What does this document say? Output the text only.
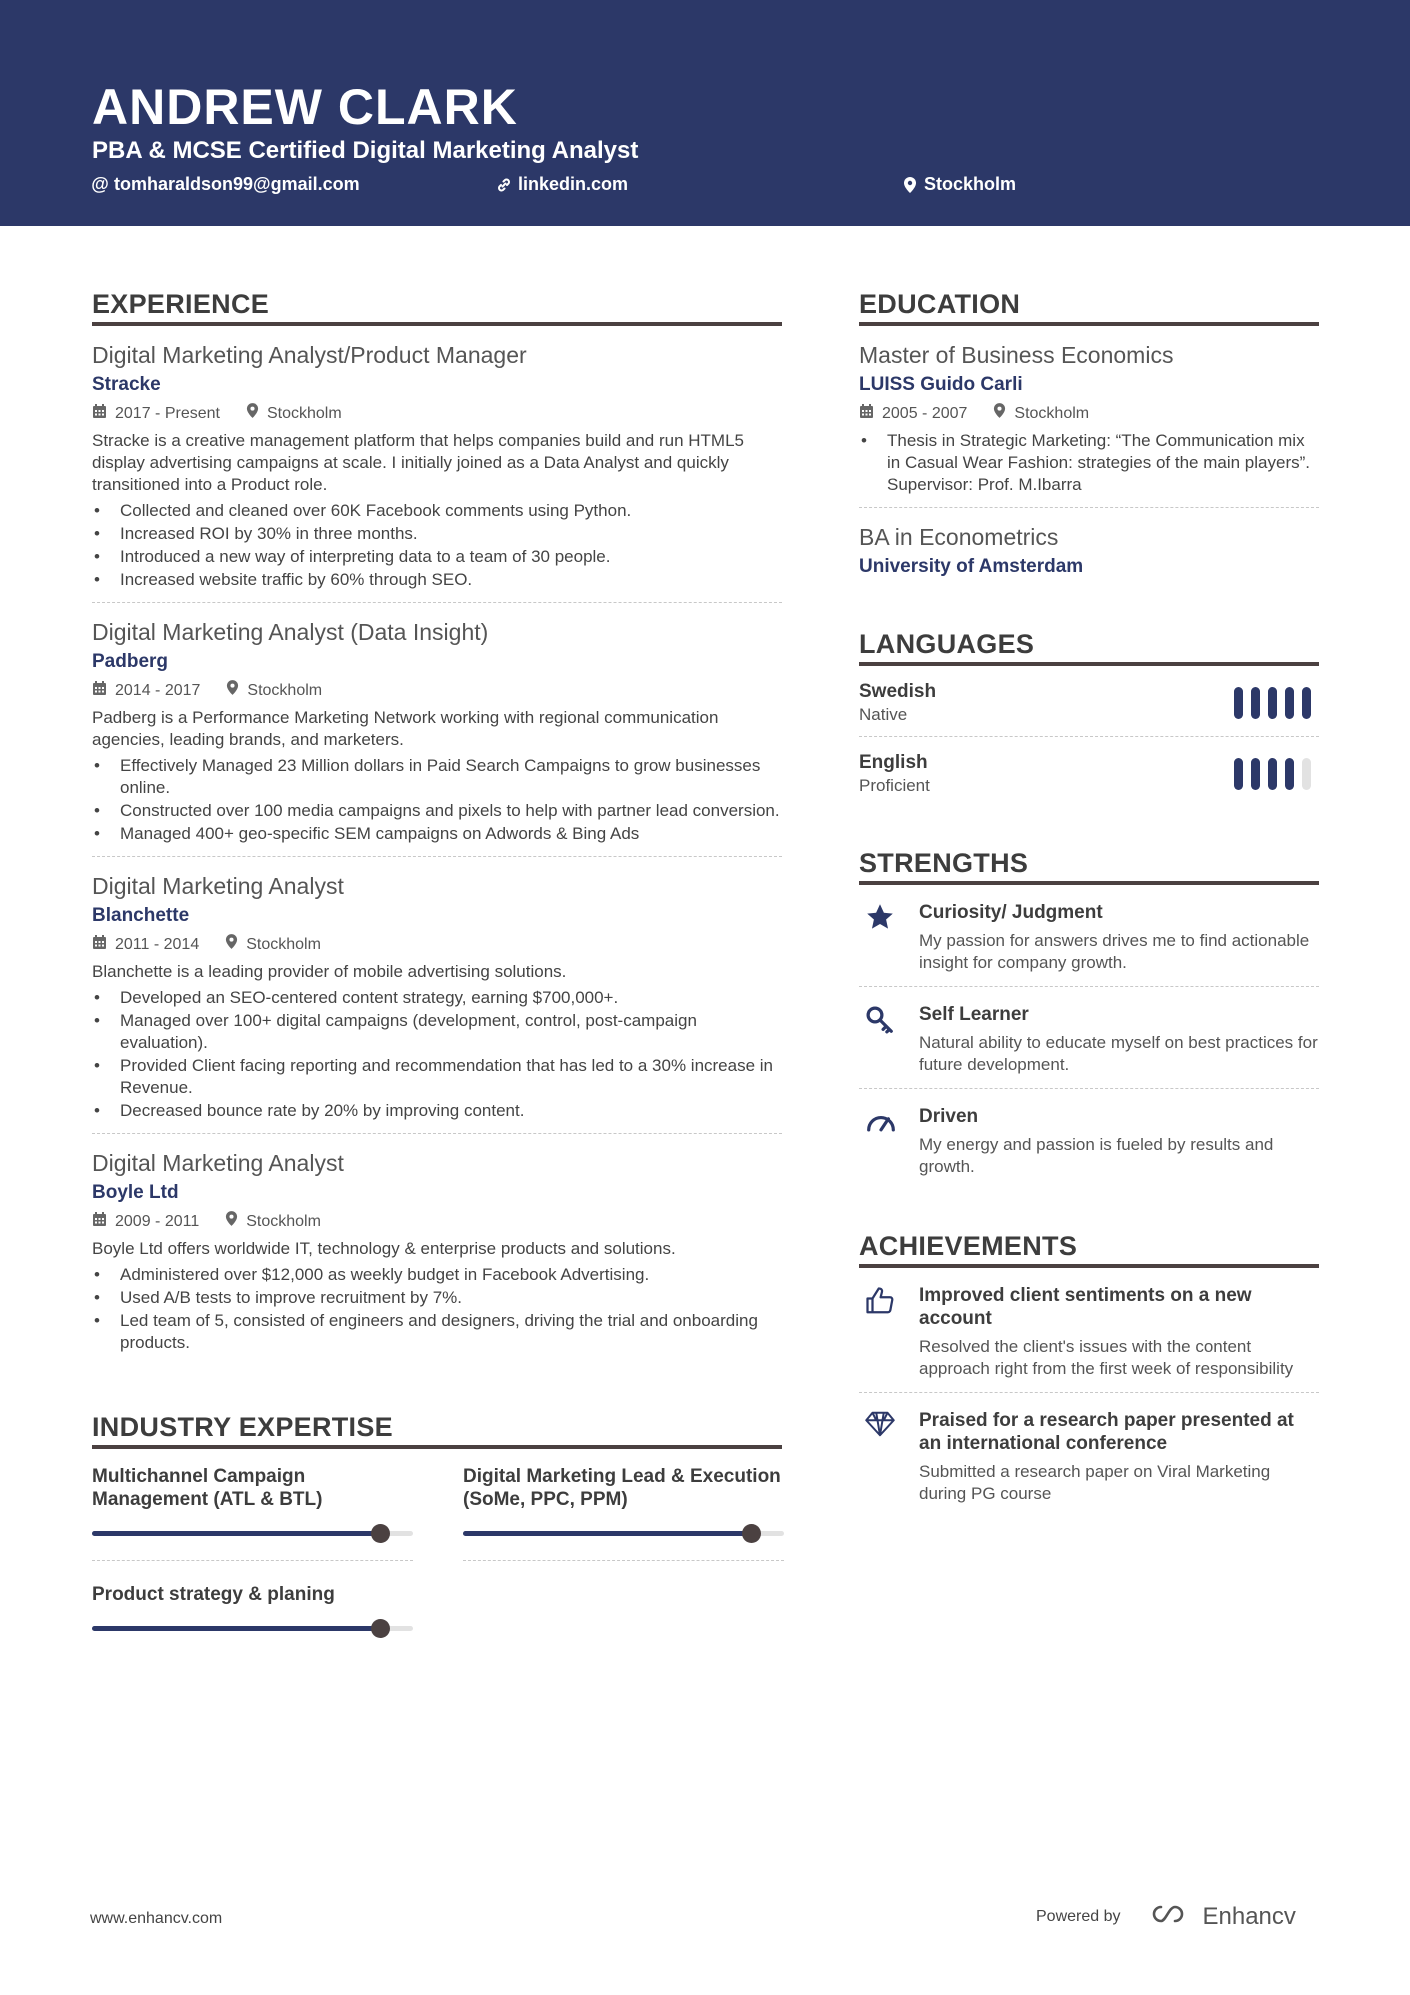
ANDREW CLARK
PBA & MCSE Certified Digital Marketing Analyst
@ tomharaldson99@gmail.com	linkedin.com	Stockholm
EXPERIENCE
Digital Marketing Analyst/Product Manager
Stracke
2017 - Present	Stockholm
Stracke is a creative management platform that helps companies build and run HTML5 display advertising campaigns at scale. I initially joined as a Data Analyst and quickly transitioned into a Product role.
• Collected and cleaned over 60K Facebook comments using Python.
• Increased ROI by 30% in three months.
• Introduced a new way of interpreting data to a team of 30 people.
• Increased website traffic by 60% through SEO.
Digital Marketing Analyst (Data Insight)
Padberg
2014 - 2017	Stockholm
Padberg is a Performance Marketing Network working with regional communication agencies, leading brands, and marketers.
• Effectively Managed 23 Million dollars in Paid Search Campaigns to grow businesses online.
• Constructed over 100 media campaigns and pixels to help with partner lead conversion.
• Managed 400+ geo-specific SEM campaigns on Adwords & Bing Ads
Digital Marketing Analyst
Blanchette
2011 - 2014	Stockholm
Blanchette is a leading provider of mobile advertising solutions.
• Developed an SEO-centered content strategy, earning $700,000+.
• Managed over 100+ digital campaigns (development, control, post-campaign evaluation).
• Provided Client facing reporting and recommendation that has led to a 30% increase in Revenue.
• Decreased bounce rate by 20% by improving content.
Digital Marketing Analyst
Boyle Ltd
2009 - 2011	Stockholm
Boyle Ltd offers worldwide IT, technology & enterprise products and solutions.
• Administered over $12,000 as weekly budget in Facebook Advertising.
• Used A/B tests to improve recruitment by 7%.
• Led team of 5, consisted of engineers and designers, driving the trial and onboarding products.
INDUSTRY EXPERTISE
Multichannel Campaign Management (ATL & BTL)
Digital Marketing Lead & Execution (SoMe, PPC, PPM)
Product strategy & planing
EDUCATION
Master of Business Economics
LUISS Guido Carli
2005 - 2007	Stockholm
• Thesis in Strategic Marketing: “The Communication mix in Casual Wear Fashion: strategies of the main players”. Supervisor: Prof. M.Ibarra
BA in Econometrics
University of Amsterdam
LANGUAGES
Swedish
Native
English
Proficient
STRENGTHS
Curiosity/ Judgment
My passion for answers drives me to find actionable insight for company growth.
Self Learner
Natural ability to educate myself on best practices for future development.
Driven
My energy and passion is fueled by results and growth.
ACHIEVEMENTS
Improved client sentiments on a new account
Resolved the client's issues with the content approach right from the first week of responsibility
Praised for a research paper presented at an international conference
Submitted a research paper on Viral Marketing during PG course
www.enhancv.com	Powered by	Enhancv
